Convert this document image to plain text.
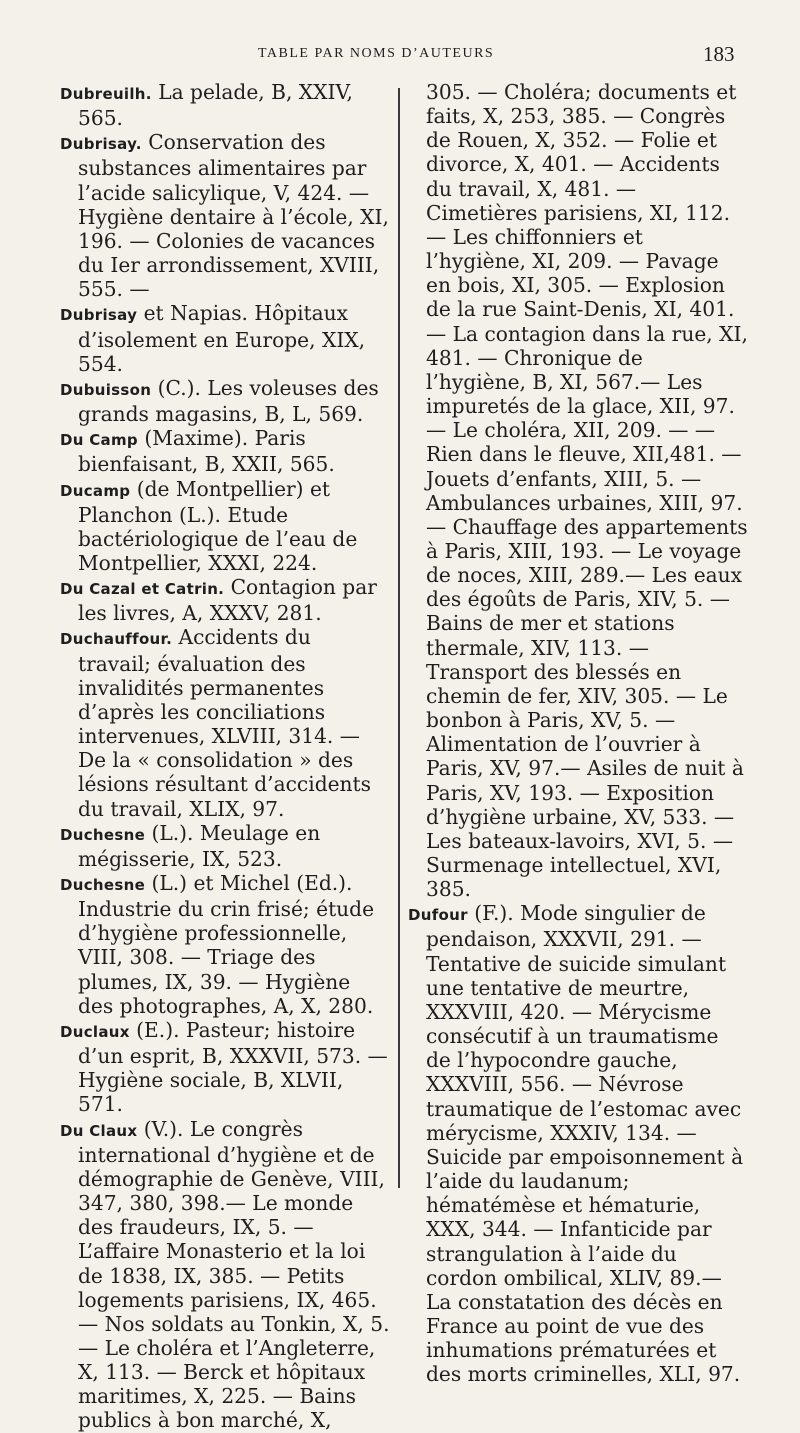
TABLE PAR NOMS D’AUTEURS	183

Dubreuilh. La pelade, B, XXIV, 565.

Dubrisay. Conservation des substances alimentaires par l’acide salicylique, V, 424. — Hygiène dentaire à l’école, XI, 196. — Colonies de vacances du Ier arrondissement, XVIII, 555. —

Dubrisay et Napias. Hôpitaux d’isolement en Europe, XIX, 554.

Dubuisson (C.). Les voleuses des grands magasins, B, L, 569.

Du Camp (Maxime). Paris bienfaisant, B, XXII, 565.

Ducamp (de Montpellier) et Planchon (L.). Etude bactériologique de l’eau de Montpellier, XXXI, 224.

Du Cazal et Catrin. Contagion par les livres, A, XXXV, 281.

Duchauffour. Accidents du travail; évaluation des invalidités permanentes d’après les conciliations intervenues, XLVIII, 314. — De la « consolidation » des lésions résultant d’accidents du travail, XLIX, 97.

Duchesne (L.). Meulage en mégisserie, IX, 523.

Duchesne (L.) et Michel (Ed.). Industrie du crin frisé; étude d’hygiène professionnelle, VIII, 308. — Triage des plumes, IX, 39. — Hygiène des photographes, A, X, 280.

Duclaux (E.). Pasteur; histoire d’un esprit, B, XXXVII, 573. — Hygiène sociale, B, XLVII, 571.

Du Claux (V.). Le congrès international d’hygiène et de démographie de Genève, VIII, 347, 380, 398.— Le monde des fraudeurs, IX, 5. — L’affaire Monasterio et la loi de 1838, IX, 385. — Petits logements parisiens, IX, 465. — Nos soldats au Tonkin, X, 5. — Le choléra et l’Angleterre, X, 113. — Berck et hôpitaux maritimes, X, 225. — Bains publics à bon marché, X,

305. — Choléra; documents et faits, X, 253, 385. — Congrès de Rouen, X, 352. — Folie et divorce, X, 401. — Accidents du travail, X, 481. — Cimetières parisiens, XI, 112. — Les chiffonniers et l’hygiène, XI, 209. — Pavage en bois, XI, 305. — Explosion de la rue Saint-Denis, XI, 401. — La contagion dans la rue, XI, 481. — Chronique de l’hygiène, B, XI, 567.— Les impuretés de la glace, XII, 97. — Le choléra, XII, 209. — — Rien dans le fleuve, XII,481. — Jouets d’enfants, XIII, 5. — Ambulances urbaines, XIII, 97. — Chauffage des appartements à Paris, XIII, 193. — Le voyage de noces, XIII, 289.— Les eaux des égoûts de Paris, XIV, 5. — Bains de mer et stations thermale, XIV, 113. — Transport des blessés en chemin de fer, XIV, 305. — Le bonbon à Paris, XV, 5. — Alimentation de l’ouvrier à Paris, XV, 97.— Asiles de nuit à Paris, XV, 193. — Exposition d’hygiène urbaine, XV, 533. — Les bateaux-lavoirs, XVI, 5. — Surmenage intellectuel, XVI, 385.

Dufour (F.). Mode singulier de pendaison, XXXVII, 291. — Tentative de suicide simulant une tentative de meurtre, XXXVIII, 420. — Mérycisme consécutif à un traumatisme de l’hypocondre gauche, XXXVIII, 556. — Névrose traumatique de l’estomac avec mérycisme, XXXIV, 134. — Suicide par empoisonnement à l’aide du laudanum; hématémèse et hématurie, XXX, 344. — Infanticide par strangulation à l’aide du cordon ombilical, XLIV, 89.— La constatation des décès en France au point de vue des inhumations prématurées et des morts criminelles, XLI, 97.
